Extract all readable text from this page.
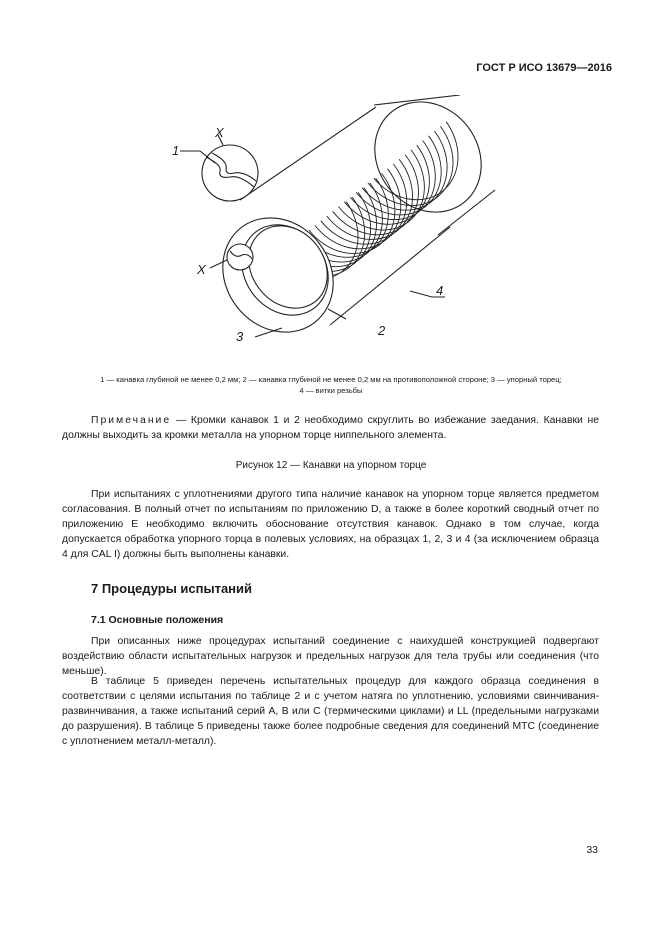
ГОСТ Р ИСО 13679—2016
1
X
X
3	2
4
1 — канавка глубиной не менее 0,2 мм; 2 — канавка глубиной не менее 0,2 мм на противоположной стороне; 3 — упорный торец;
4 — витки резьбы
Примечание — Кромки канавок 1 и 2 необходимо скруглить во избежание заедания. Канавки не должны выходить за кромки металла на упорном торце ниппельного элемента.
Рисунок 12 — Канавки на упорном торце
При испытаниях с уплотнениями другого типа наличие канавок на упорном торце является предметом согласования. В полный отчет по испытаниям по приложению D, а также в более короткий сводный отчет по приложению E необходимо включить обоснование отсутствия канавок. Однако в том случае, когда допускается обработка упорного торца в полевых условиях, на образцах 1, 2, 3 и 4 (за исключением образца 4 для CAL I) должны быть выполнены канавки.
7 Процедуры испытаний
7.1 Основные положения
При описанных ниже процедурах испытаний соединение с наихудшей конструкцией подвергают воздействию области испытательных нагрузок и предельных нагрузок для тела трубы или соединения (что меньше).
В таблице 5 приведен перечень испытательных процедур для каждого образца соединения в соответствии с целями испытания по таблице 2 и с учетом натяга по уплотнению, условиями свинчивания-развинчивания, а также испытаний серий А, В или С (термическими циклами) и LL (предельными нагрузками до разрушения). В таблице 5 приведены также более подробные сведения для соединений МТС (соединение с уплотнением металл-металл).
33
